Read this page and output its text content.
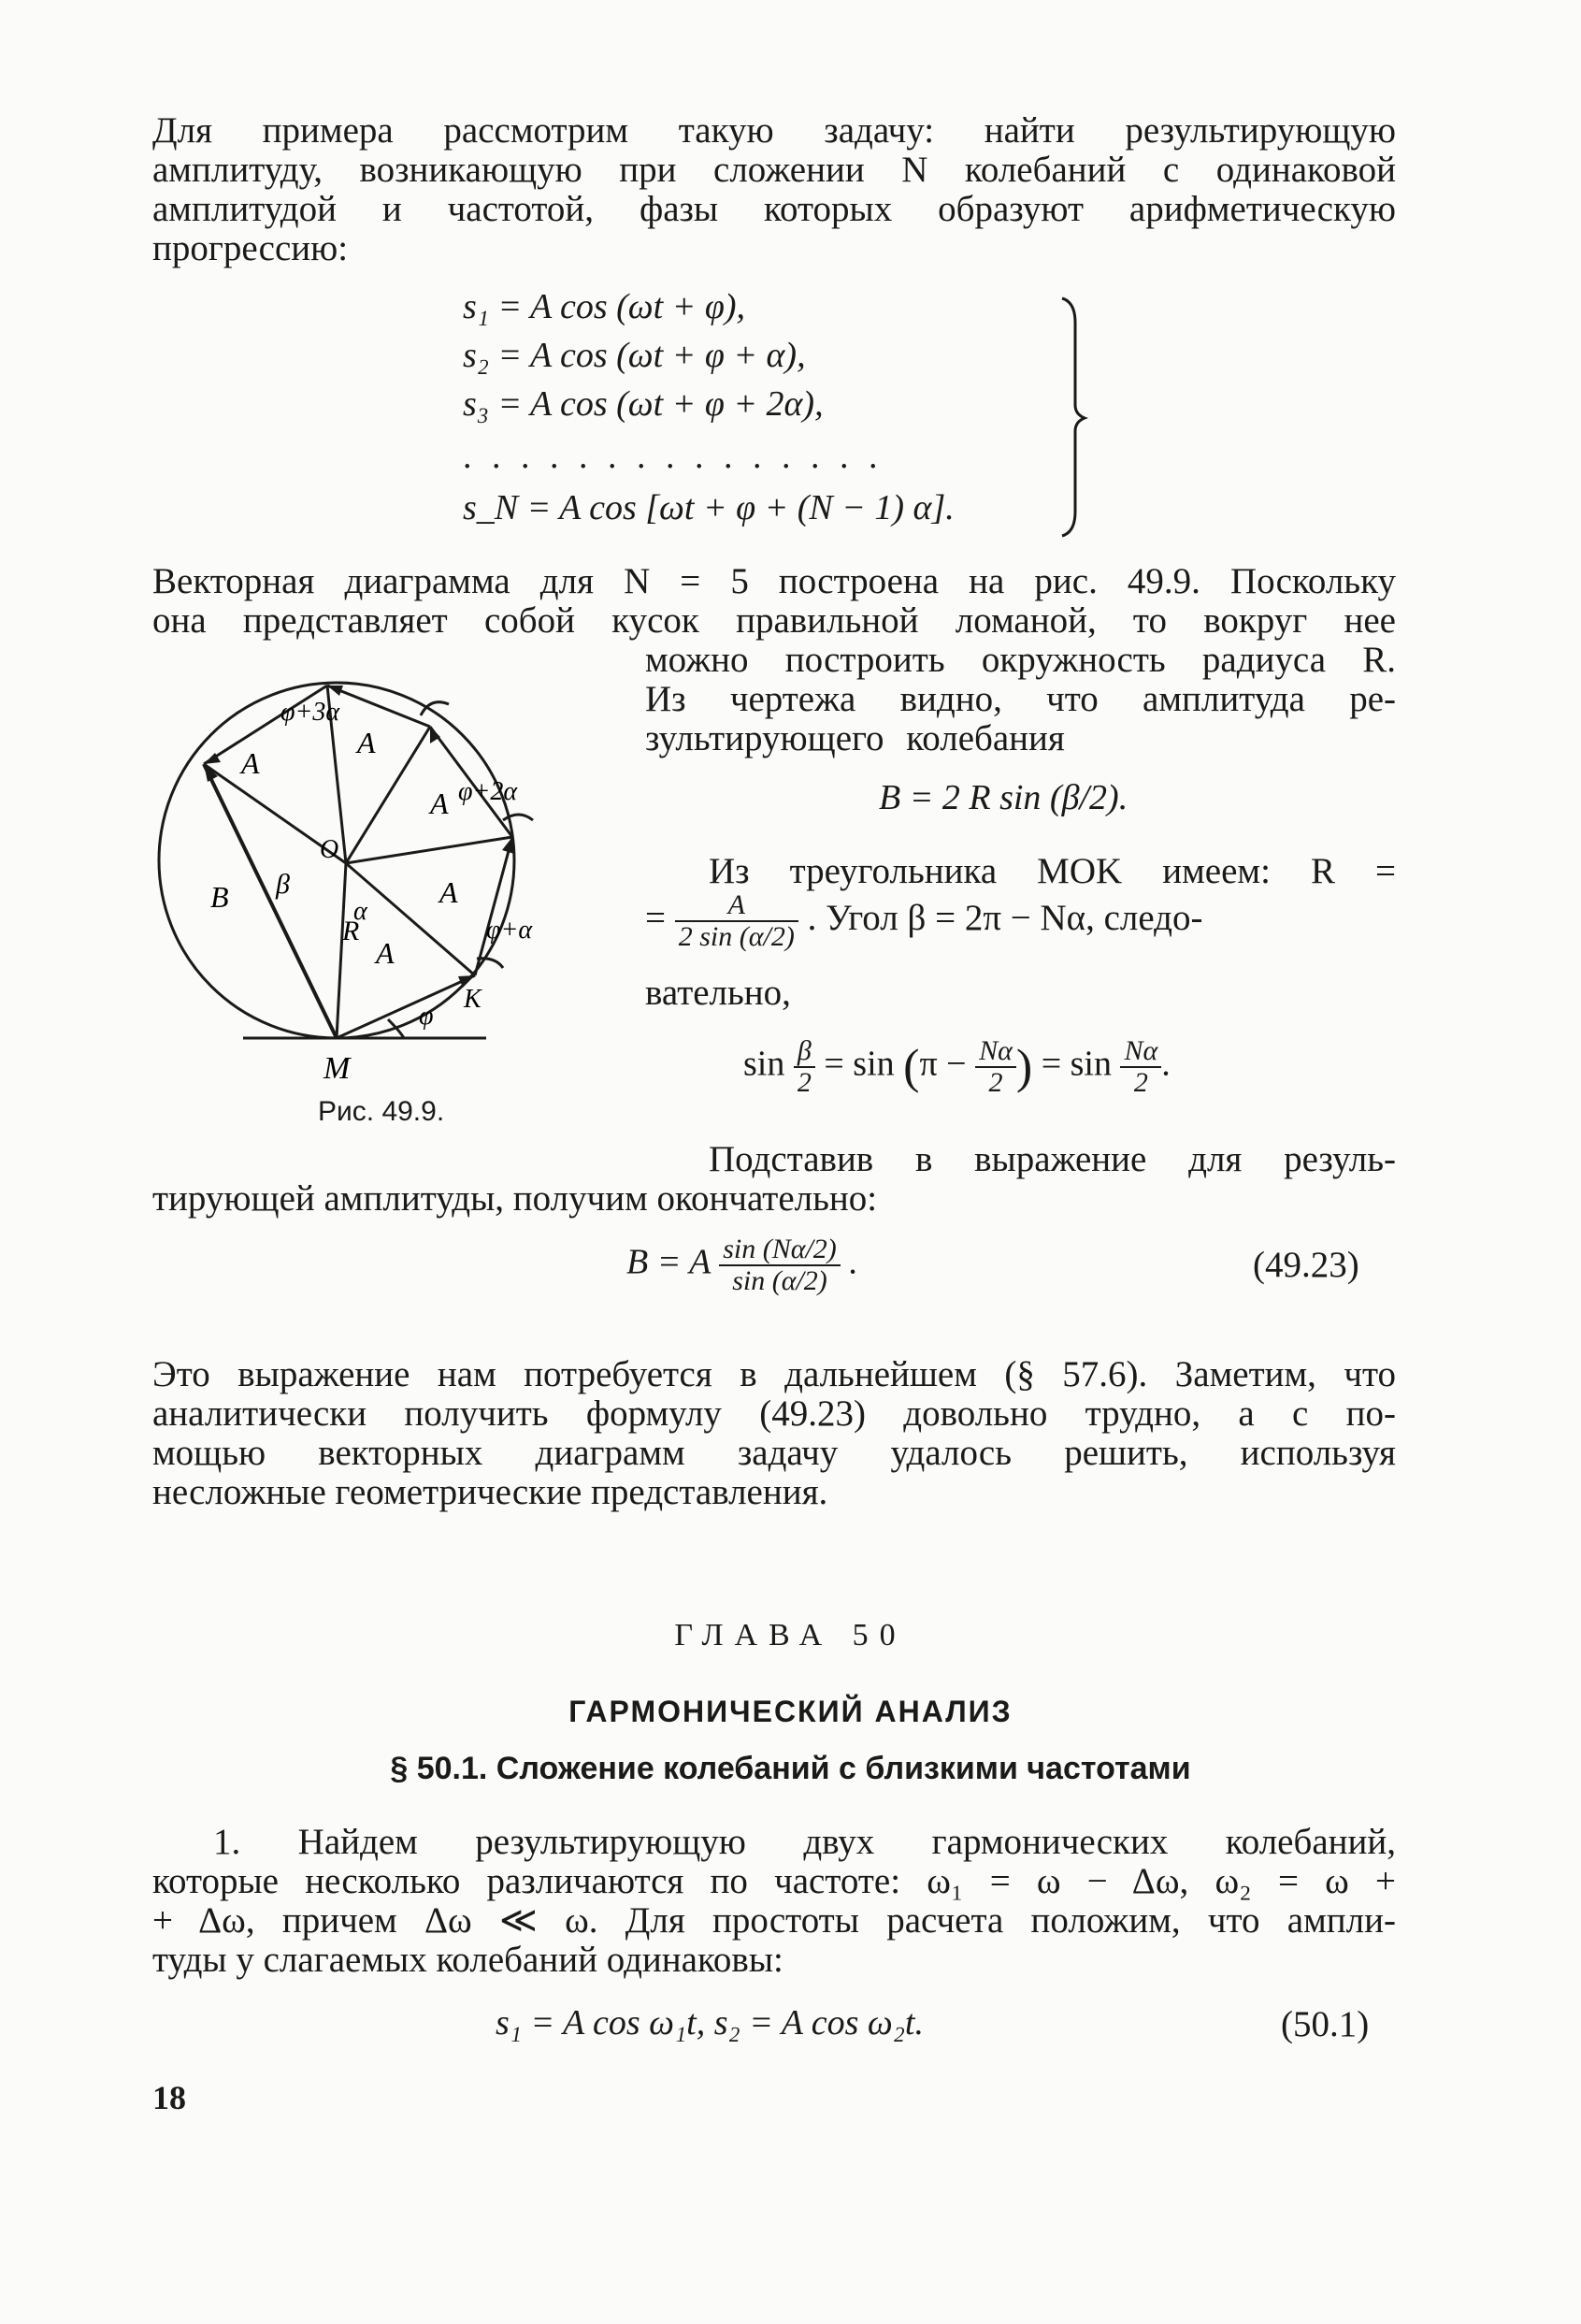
Для примера рассмотрим такую задачу: найти результирующую
амплитуду, возникающую при сложении N колебаний с одинаковой
амплитудой и частотой, фазы которых образуют арифметическую
прогрессию:
s₁ = A cos (ωt + φ),
s₂ = A cos (ωt + φ + α),
s₃ = A cos (ωt + φ + 2α),
. . . . . . . . . . . . . . .
s_N = A cos [ωt + φ + (N − 1) α].
Векторная диаграмма для N = 5 построена на рис. 49.9. Поскольку
она представляет собой кусок правильной ломаной, то вокруг нее
можно построить окружность радиуса R.
Из чертежа видно, что амплитуда ре-
зультирующего колебания
B = 2 R sin (β/2).
Из треугольника MOK имеем: R =
= $\frac{A}{2 \sin (\alpha/2)}$ . Угол β = 2π − Nα, следо-
вательно,
$\sin \frac{\beta}{2} = \sin (\pi - \frac{N\alpha}{2}$ ) = $\sin \frac{N\alpha}{2}$ .
Подставив в выражение для резуль-
тирующей амплитуды, получим окончательно:
φ+3α
φ+2α
φ+α
φ
A
A
A
A
A
B β
O
α
R
K
M
Рис. 49.9.
B = A $\frac{\sin (N\alpha/2)}{\sin (\alpha/2)}$ .	(49.23)
Это выражение нам потребуется в дальнейшем (§ 57.6). Заметим, что
аналитически получить формулу (49.23) довольно трудно, а с по-
мощью векторных диаграмм задачу удалось решить, используя
несложные геометрические представления.
ГЛАВА 50
ГАРМОНИЧЕСКИЙ АНАЛИЗ
§ 50.1. Сложение колебаний с близкими частотами
1. Найдем результирующую двух гармонических колебаний,
которые несколько различаются по частоте: ω₁ = ω − Δω, ω₂ = ω +
+ Δω, причем Δω ≪ ω. Для простоты расчета положим, что ампли-
туды у слагаемых колебаний одинаковы:
s₁ = A cos ω₁t, s₂ = A cos ω₂t.	(50.1)
18
